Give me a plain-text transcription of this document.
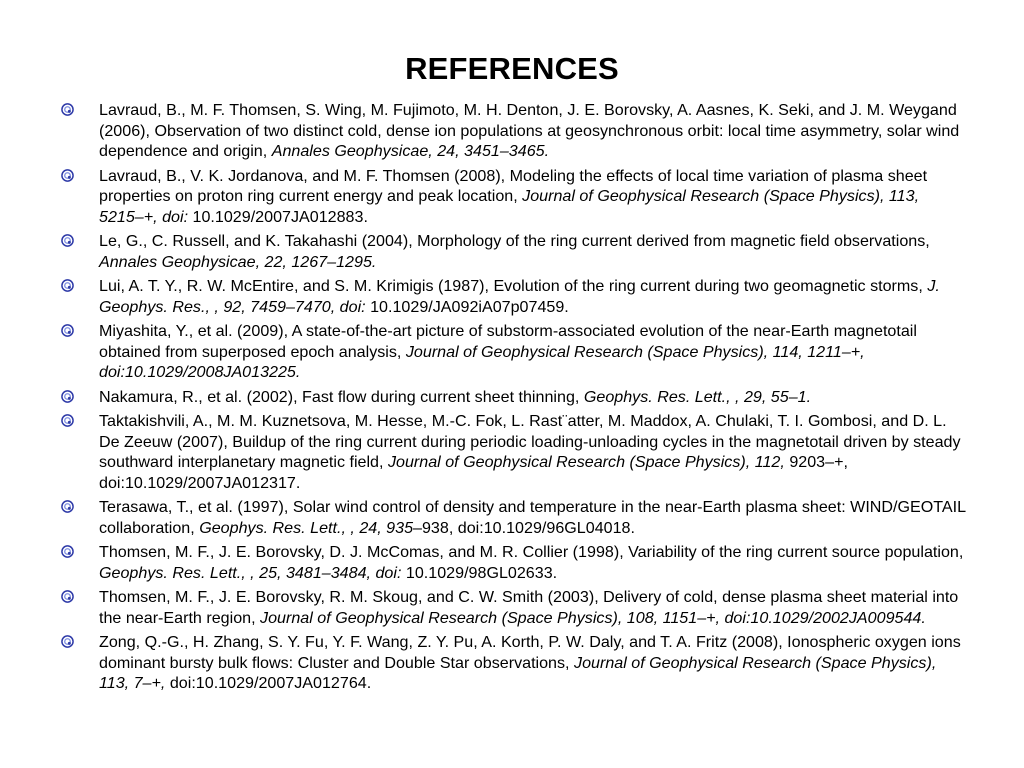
REFERENCES
Lavraud, B., M. F. Thomsen, S. Wing, M. Fujimoto, M. H. Denton, J. E. Borovsky, A. Aasnes, K. Seki, and J. M. Weygand (2006), Observation of two distinct cold, dense ion populations at geosynchronous orbit: local time asymmetry, solar wind dependence and origin, Annales Geophysicae, 24, 3451–3465.
Lavraud, B., V. K. Jordanova, and M. F. Thomsen (2008), Modeling the effects of local time variation of plasma sheet properties on proton ring current energy and peak location, Journal of Geophysical Research (Space Physics), 113, 5215–+, doi: 10.1029/2007JA012883.
Le, G., C. Russell, and K. Takahashi (2004), Morphology of the ring current derived from magnetic field observations, Annales Geophysicae, 22, 1267–1295.
Lui, A. T. Y., R. W. McEntire, and S. M. Krimigis (1987), Evolution of the ring current during two geomagnetic storms, J. Geophys. Res., , 92, 7459–7470, doi: 10.1029/JA092iA07p07459.
Miyashita, Y., et al. (2009), A state-of-the-art picture of substorm-associated evolution of the near-Earth magnetotail obtained from superposed epoch analysis, Journal of Geophysical Research (Space Physics), 114, 1211–+, doi:10.1029/2008JA013225.
Nakamura, R., et al. (2002), Fast flow during current sheet thinning, Geophys. Res. Lett., , 29, 55–1.
Taktakishvili, A., M. M. Kuznetsova, M. Hesse, M.-C. Fok, L. Rast¨atter, M. Maddox, A. Chulaki, T. I. Gombosi, and D. L. De Zeeuw (2007), Buildup of the ring current during periodic loading-unloading cycles in the magnetotail driven by steady southward interplanetary magnetic field, Journal of Geophysical Research (Space Physics), 112, 9203–+, doi:10.1029/2007JA012317.
Terasawa, T., et al. (1997), Solar wind control of density and temperature in the near-Earth plasma sheet: WIND/GEOTAIL collaboration, Geophys. Res. Lett., , 24, 935–938, doi:10.1029/96GL04018.
Thomsen, M. F., J. E. Borovsky, D. J. McComas, and M. R. Collier (1998), Variability of the ring current source population, Geophys. Res. Lett., , 25, 3481–3484, doi: 10.1029/98GL02633.
Thomsen, M. F., J. E. Borovsky, R. M. Skoug, and C. W. Smith (2003), Delivery of cold, dense plasma sheet material into the near-Earth region, Journal of Geophysical Research (Space Physics), 108, 1151–+, doi:10.1029/2002JA009544.
Zong, Q.-G., H. Zhang, S. Y. Fu, Y. F. Wang, Z. Y. Pu, A. Korth, P. W. Daly, and T. A. Fritz (2008), Ionospheric oxygen ions dominant bursty bulk flows: Cluster and Double Star observations, Journal of Geophysical Research (Space Physics), 113, 7–+, doi:10.1029/2007JA012764.
